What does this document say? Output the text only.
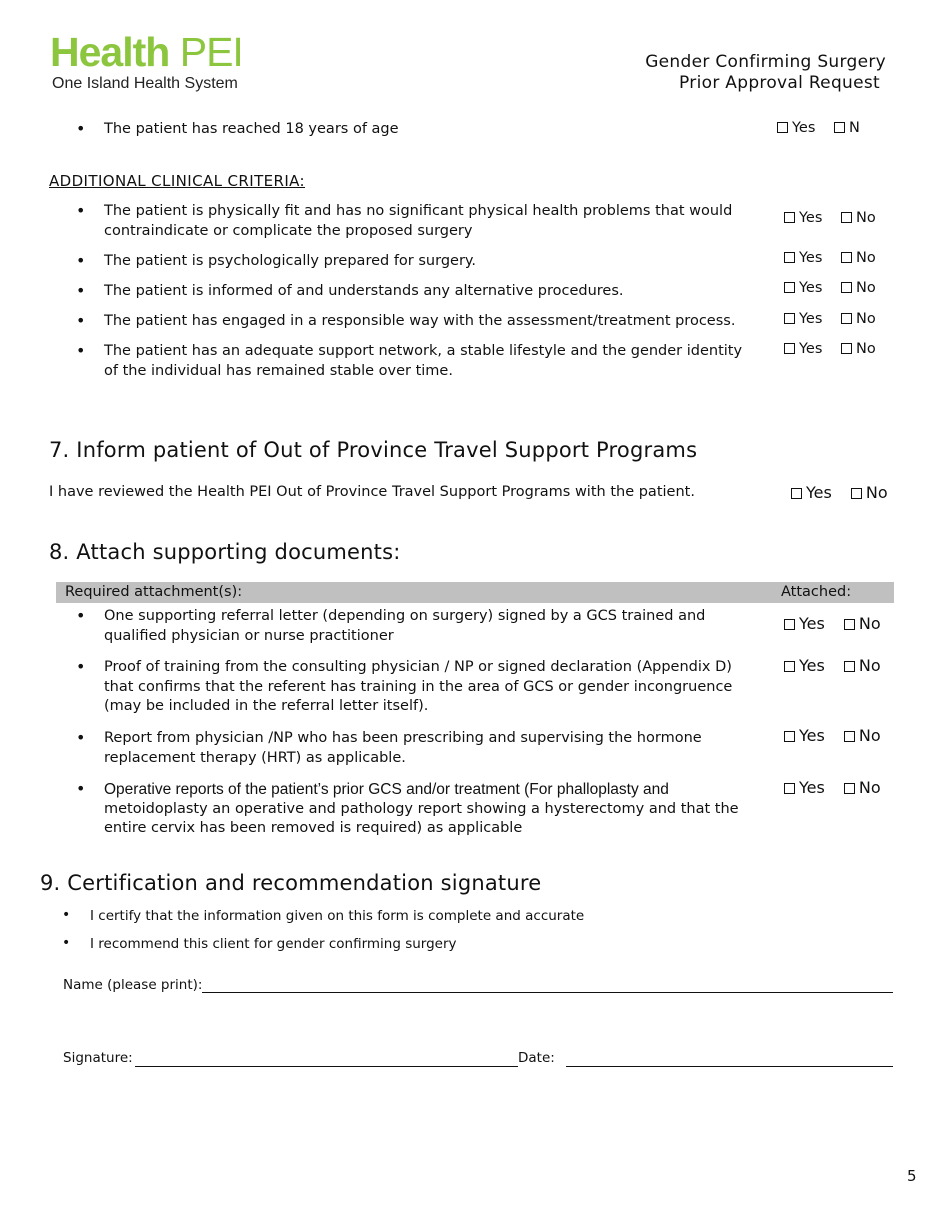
Health PEI
One Island Health System
Gender Confirming Surgery
Prior Approval Request
• The patient has reached 18 years of age	Yes N
ADDITIONAL CLINICAL CRITERIA:
• The patient is physically fit and has no significant physical health problems that would
contraindicate or complicate the proposed surgery
Yes No
• The patient is psychologically prepared for surgery.	Yes No
• The patient is informed of and understands any alternative procedures.	Yes No
• The patient has engaged in a responsible way with the assessment/treatment process.	Yes No
• The patient has an adequate support network, a stable lifestyle and the gender identity
of the individual has remained stable over time.
Yes No
7. Inform patient of Out of Province Travel Support Programs
I have reviewed the Health PEI Out of Province Travel Support Programs with the patient.	Yes No
8. Attach supporting documents:
Required attachment(s):	Attached:
• One supporting referral letter (depending on surgery) signed by a GCS trained and
qualified physician or nurse practitioner
Yes No
• Proof of training from the consulting physician / NP or signed declaration (Appendix D)
that confirms that the referent has training in the area of GCS or gender incongruence
(may be included in the referral letter itself).
Yes No
• Report from physician /NP who has been prescribing and supervising the hormone
replacement therapy (HRT) as applicable.
Yes No
• Operative reports of the patient’s prior GCS and/or treatment (For phalloplasty and
metoidoplasty an operative and pathology report showing a hysterectomy and that the
entire cervix has been removed is required) as applicable
Yes No
9. Certification and recommendation signature
• I certify that the information given on this form is complete and accurate
• I recommend this client for gender confirming surgery
Name (please print):
Signature:	Date:
5
